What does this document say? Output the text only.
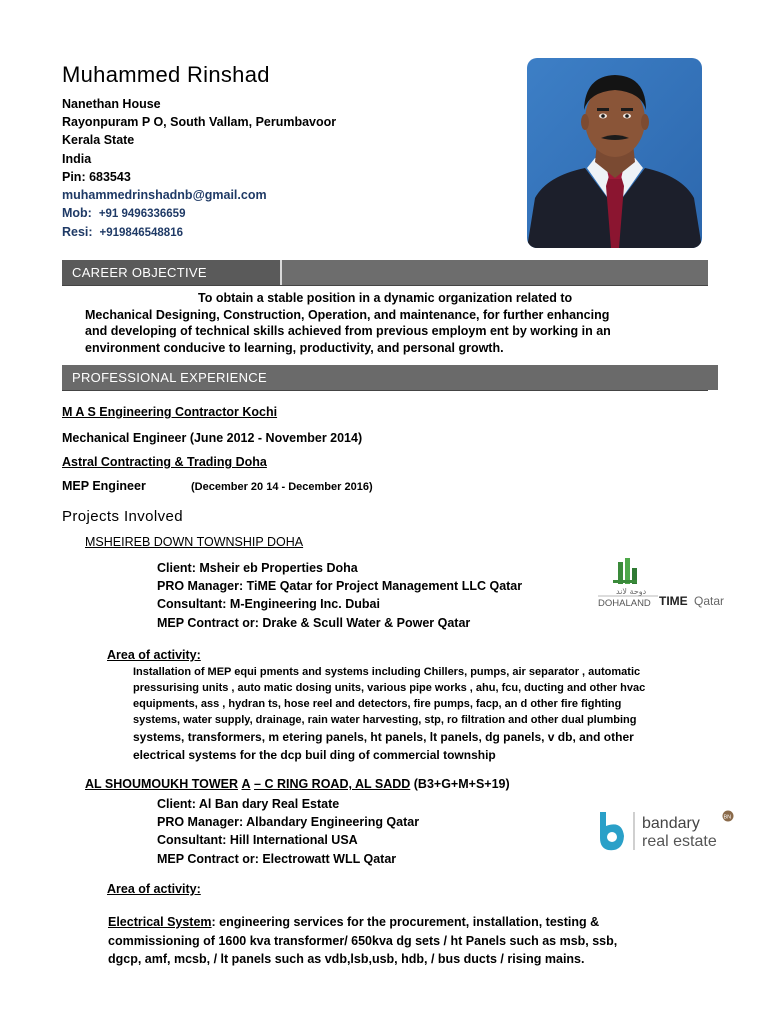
Muhammed Rinshad
Nanethan House
Rayonpuram P O, South Vallam, Perumbavoor
Kerala State
India
Pin: 683543
muhammedrinshadnb@gmail.com
Mob: +91 9496336659
Resi: +919846548816
CAREER OBJECTIVE
To obtain a stable position in a dynamic organization related to
Mechanical Designing, Construction, Operation, and maintenance, for further enhancing
and developing of technical skills achieved from previous employm ent by working in an
environment conducive to learning, productivity, and personal growth.
PROFESSIONAL EXPERIENCE
M A S Engineering Contractor Kochi
Mechanical Engineer (June 2012 - November 2014)
Astral Contracting & Trading Doha
MEP Engineer	(December 20 14 - December 2016)
Projects Involved
MSHEIREB DOWN TOWNSHIP DOHA
Client: Msheir eb Properties Doha
PRO Manager: TiME Qatar for Project Management LLC Qatar
Consultant: M-Engineering Inc. Dubai
MEP Contract or: Drake & Scull Water & Power Qatar
دوحة لاند
DOHALAND TIME Qatar
Area of activity:
Installation of MEP equi pments and systems including Chillers, pumps, air separator , automatic
pressurising units , auto matic dosing units, various pipe works , ahu, fcu, ducting and other hvac
equipments, ass , hydran ts, hose reel and detectors, fire pumps, facp, an d other fire fighting
systems, water supply, drainage, rain water harvesting, stp, ro filtration and other dual plumbing
systems, transformers, m etering panels, ht panels, lt panels, dg panels, v db, and other
electrical systems for the dcp buil ding of commercial township
AL SHOUMOUKH TOWER A – C RING ROAD, AL SADD (B3+G+M+S+19)
Client: Al Ban dary Real Estate
PRO Manager: Albandary Engineering Qatar
Consultant: Hill International USA
MEP Contract or: Electrowatt WLL Qatar
bandary	BN
real estate
Area of activity:
Electrical System: engineering services for the procurement, installation, testing &
commissioning of 1600 kva transformer/ 650kva dg sets / ht Panels such as msb, ssb,
dgcp, amf, mcsb, / lt panels such as vdb,lsb,usb, hdb, / bus ducts / rising mains.
